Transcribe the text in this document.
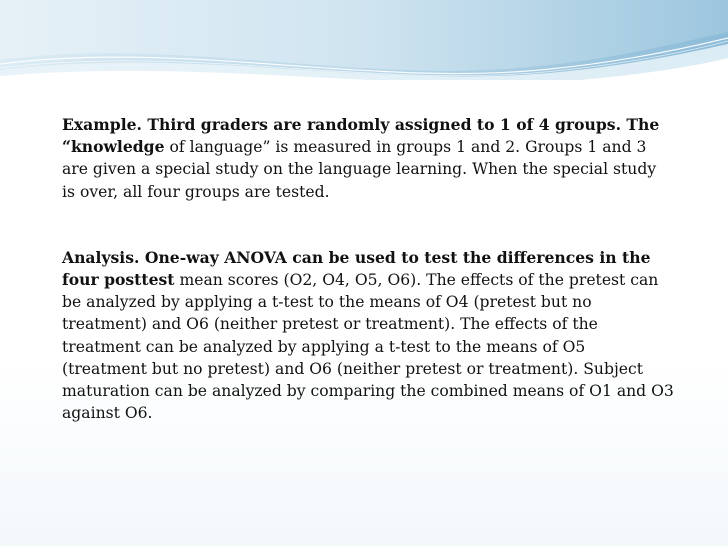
Example. Third graders are randomly assigned to 1 of 4 groups. The “knowledge of language” is measured in groups 1 and 2. Groups 1 and 3 are given a special study on the language learning. When the special study is over, all four groups are tested.

Analysis. One-way ANOVA can be used to test the differences in the four posttest mean scores (O2, O4, O5, O6). The effects of the pretest can be analyzed by applying a t-test to the means of O4 (pretest but no treatment) and O6 (neither pretest or treatment). The effects of the treatment can be analyzed by applying a t-test to the means of O5 (treatment but no pretest) and O6 (neither pretest or treatment). Subject maturation can be analyzed by comparing the combined means of O1 and O3 against O6.
